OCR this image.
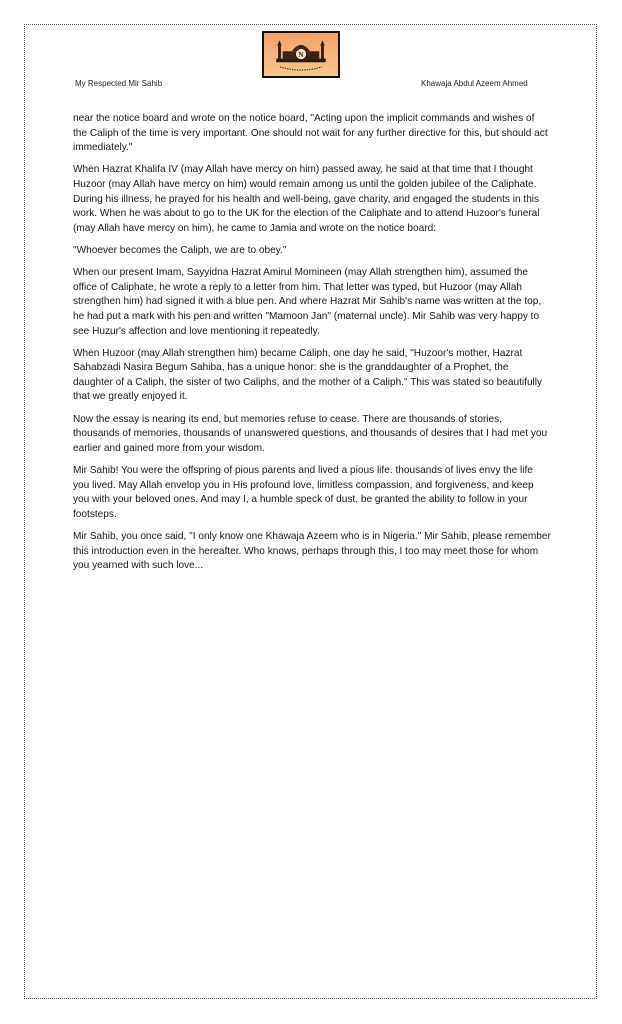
N
My Respected Mir Sahib	Khawaja Abdul Azeem Ahmed

near the notice board and wrote on the notice board, "Acting upon the implicit commands and wishes of the Caliph of the time is very important. One should not wait for any further directive for this, but should act immediately."

When Hazrat Khalifa IV (may Allah have mercy on him) passed away, he said at that time that I thought Huzoor (may Allah have mercy on him) would remain among us until the golden jubilee of the Caliphate. During his illness, he prayed for his health and well-being, gave charity, and engaged the students in this work. When he was about to go to the UK for the election of the Caliphate and to attend Huzoor's funeral (may Allah have mercy on him), he came to Jamia and wrote on the notice board:

"Whoever becomes the Caliph, we are to obey."

When our present Imam, Sayyidna Hazrat Amirul Momineen (may Allah strengthen him), assumed the office of Caliphate, he wrote a reply to a letter from him. That letter was typed, but Huzoor (may Allah strengthen him) had signed it with a blue pen. And where Hazrat Mir Sahib's name was written at the top, he had put a mark with his pen and written "Mamoon Jan" (maternal uncle). Mir Sahib was very happy to see Huzur's affection and love mentioning it repeatedly.

When Huzoor (may Allah strengthen him) became Caliph, one day he said, "Huzoor's mother, Hazrat Sahabzadi Nasira Begum Sahiba, has a unique honor: she is the granddaughter of a Prophet, the daughter of a Caliph, the sister of two Caliphs, and the mother of a Caliph." This was stated so beautifully that we greatly enjoyed it.

Now the essay is nearing its end, but memories refuse to cease. There are thousands of stories, thousands of memories, thousands of unanswered questions, and thousands of desires that I had met you earlier and gained more from your wisdom.

Mir Sahib! You were the offspring of pious parents and lived a pious life. thousands of lives envy the life you lived. May Allah envelop you in His profound love, limitless compassion, and forgiveness, and keep you with your beloved ones. And may I, a humble speck of dust, be granted the ability to follow in your footsteps.

Mir Sahib, you once said, "I only know one Khawaja Azeem who is in Nigeria." Mir Sahib, please remember this introduction even in the hereafter. Who knows, perhaps through this, I too may meet those for whom you yearned with such love...
